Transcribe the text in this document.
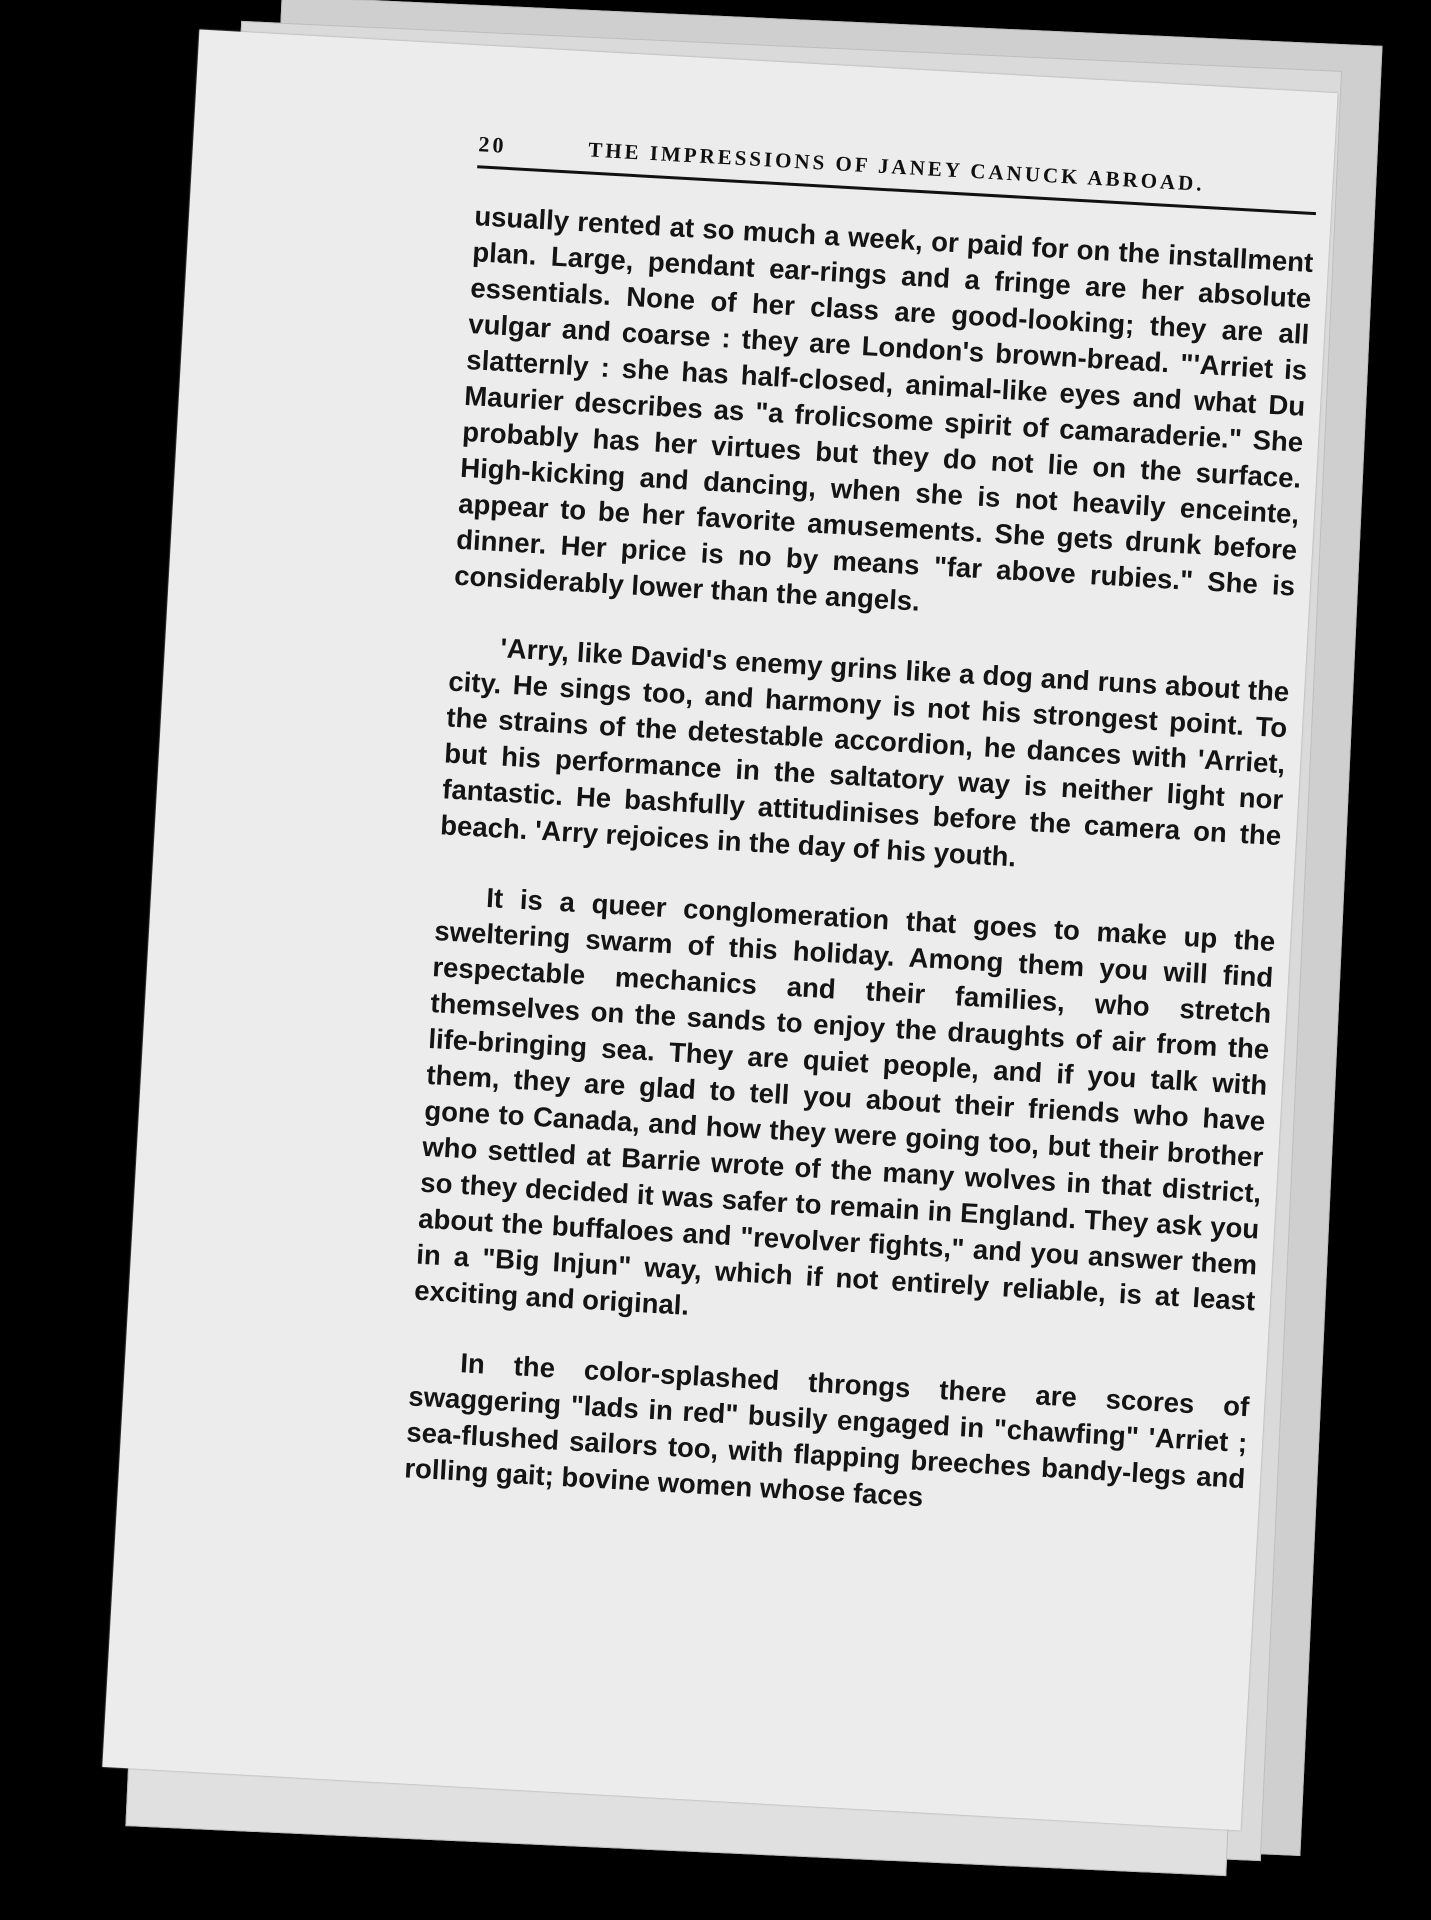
20	THE IMPRESSIONS OF JANEY CANUCK ABROAD.

usually rented at so much a week, or paid for on the installment plan. Large, pendant ear-rings and a fringe are her absolute essentials. None of her class are good-looking; they are all vulgar and coarse : they are London's brown-bread. "'Arriet is slatternly : she has half-closed, animal-like eyes and what Du Maurier describes as "a frolicsome spirit of camaraderie." She probably has her virtues but they do not lie on the surface. High-kicking and dancing, when she is not heavily enceinte, appear to be her favorite amusements. She gets drunk before dinner. Her price is no by means "far above rubies." She is considerably lower than the angels.

'Arry, like David's enemy grins like a dog and runs about the city. He sings too, and harmony is not his strongest point. To the strains of the detestable accordion, he dances with 'Arriet, but his performance in the saltatory way is neither light nor fantastic. He bashfully attitudinises before the camera on the beach. 'Arry rejoices in the day of his youth.

It is a queer conglomeration that goes to make up the sweltering swarm of this holiday. Among them you will find respectable mechanics and their families, who stretch themselves on the sands to enjoy the draughts of air from the life-bringing sea. They are quiet people, and if you talk with them, they are glad to tell you about their friends who have gone to Canada, and how they were going too, but their brother who settled at Barrie wrote of the many wolves in that district, so they decided it was safer to remain in England. They ask you about the buffaloes and "revolver fights," and you answer them in a "Big Injun" way, which if not entirely reliable, is at least exciting and original.

In the color-splashed throngs there are scores of swaggering "lads in red" busily engaged in "chawfing" 'Arriet ; sea-flushed sailors too, with flapping breeches bandy-legs and rolling gait; bovine women whose faces
